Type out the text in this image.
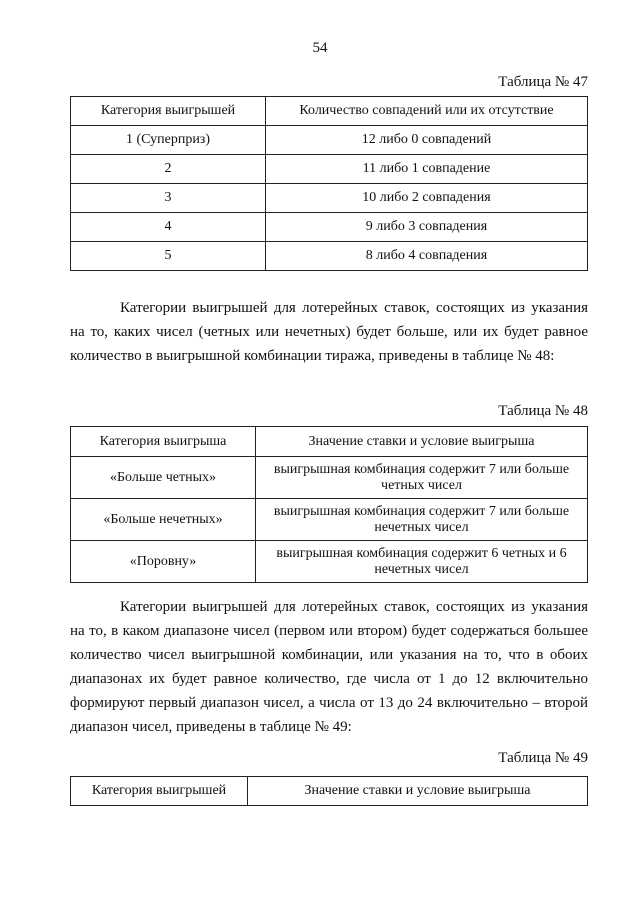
54
Таблица № 47
Категория выигрышей	Количество совпадений или их отсутствие
1 (Суперприз)	12 либо 0 совпадений
2	11 либо 1 совпадение
3	10 либо 2 совпадения
4	9 либо 3 совпадения
5	8 либо 4 совпадения

Категории выигрышей для лотерейных ставок, состоящих из указания на то, каких чисел (четных или нечетных) будет больше, или их будет равное количество в выигрышной комбинации тиража, приведены в таблице № 48:

Таблица № 48
Категория выигрыша	Значение ставки и условие выигрыша
«Больше четных»	выигрышная комбинация содержит 7 или больше четных чисел
«Больше нечетных»	выигрышная комбинация содержит 7 или больше нечетных чисел
«Поровну»	выигрышная комбинация содержит 6 четных и 6 нечетных чисел

Категории выигрышей для лотерейных ставок, состоящих из указания на то, в каком диапазоне чисел (первом или втором) будет содержаться большее количество чисел выигрышной комбинации, или указания на то, что в обоих диапазонах их будет равное количество, где числа от 1 до 12 включительно формируют первый диапазон чисел, а числа от 13 до 24 включительно – второй диапазон чисел, приведены в таблице № 49:

Таблица № 49
Категория выигрышей	Значение ставки и условие выигрыша
